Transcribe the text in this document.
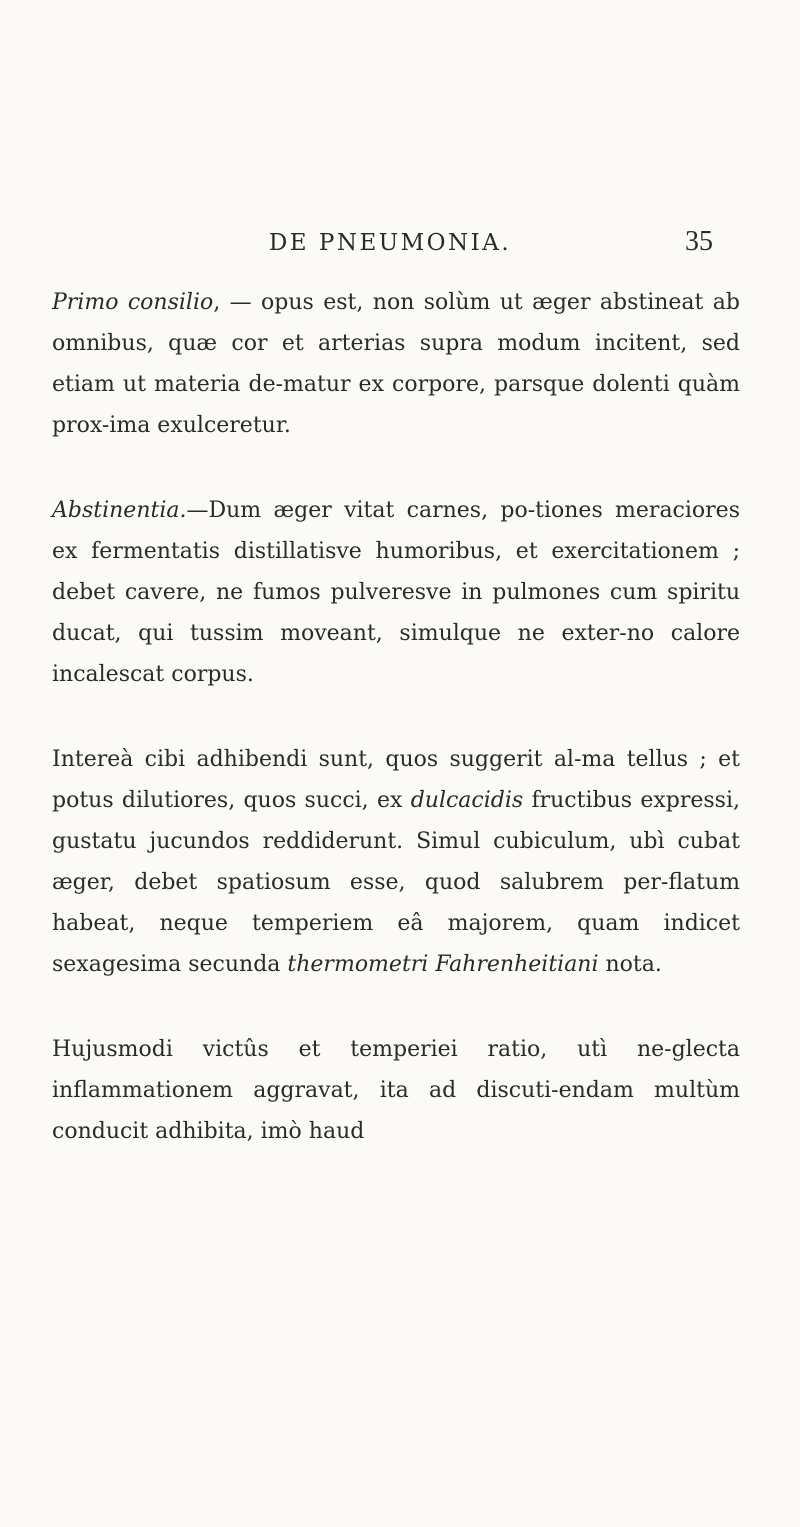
DE PNEUMONIA.	35

Primo consilio, — opus est, non solùm ut æger abstineat ab omnibus, quæ cor et arterias supra modum incitent, sed etiam ut materia de-matur ex corpore, parsque dolenti quàm prox-ima exulceretur.

Abstinentia.—Dum æger vitat carnes, po-tiones meraciores ex fermentatis distillatisve humoribus, et exercitationem ; debet cavere, ne fumos pulveresve in pulmones cum spiritu ducat, qui tussim moveant, simulque ne exter-no calore incalescat corpus.

Intereà cibi adhibendi sunt, quos suggerit al-ma tellus ; et potus dilutiores, quos succi, ex dulcacidis fructibus expressi, gustatu jucundos reddiderunt. Simul cubiculum, ubì cubat æger, debet spatiosum esse, quod salubrem per-flatum habeat, neque temperiem eâ majorem, quam indicet sexagesima secunda thermometri Fahrenheitiani nota.

Hujusmodi victûs et temperiei ratio, utì ne-glecta inflammationem aggravat, ita ad discuti-endam multùm conducit adhibita, imò haud
